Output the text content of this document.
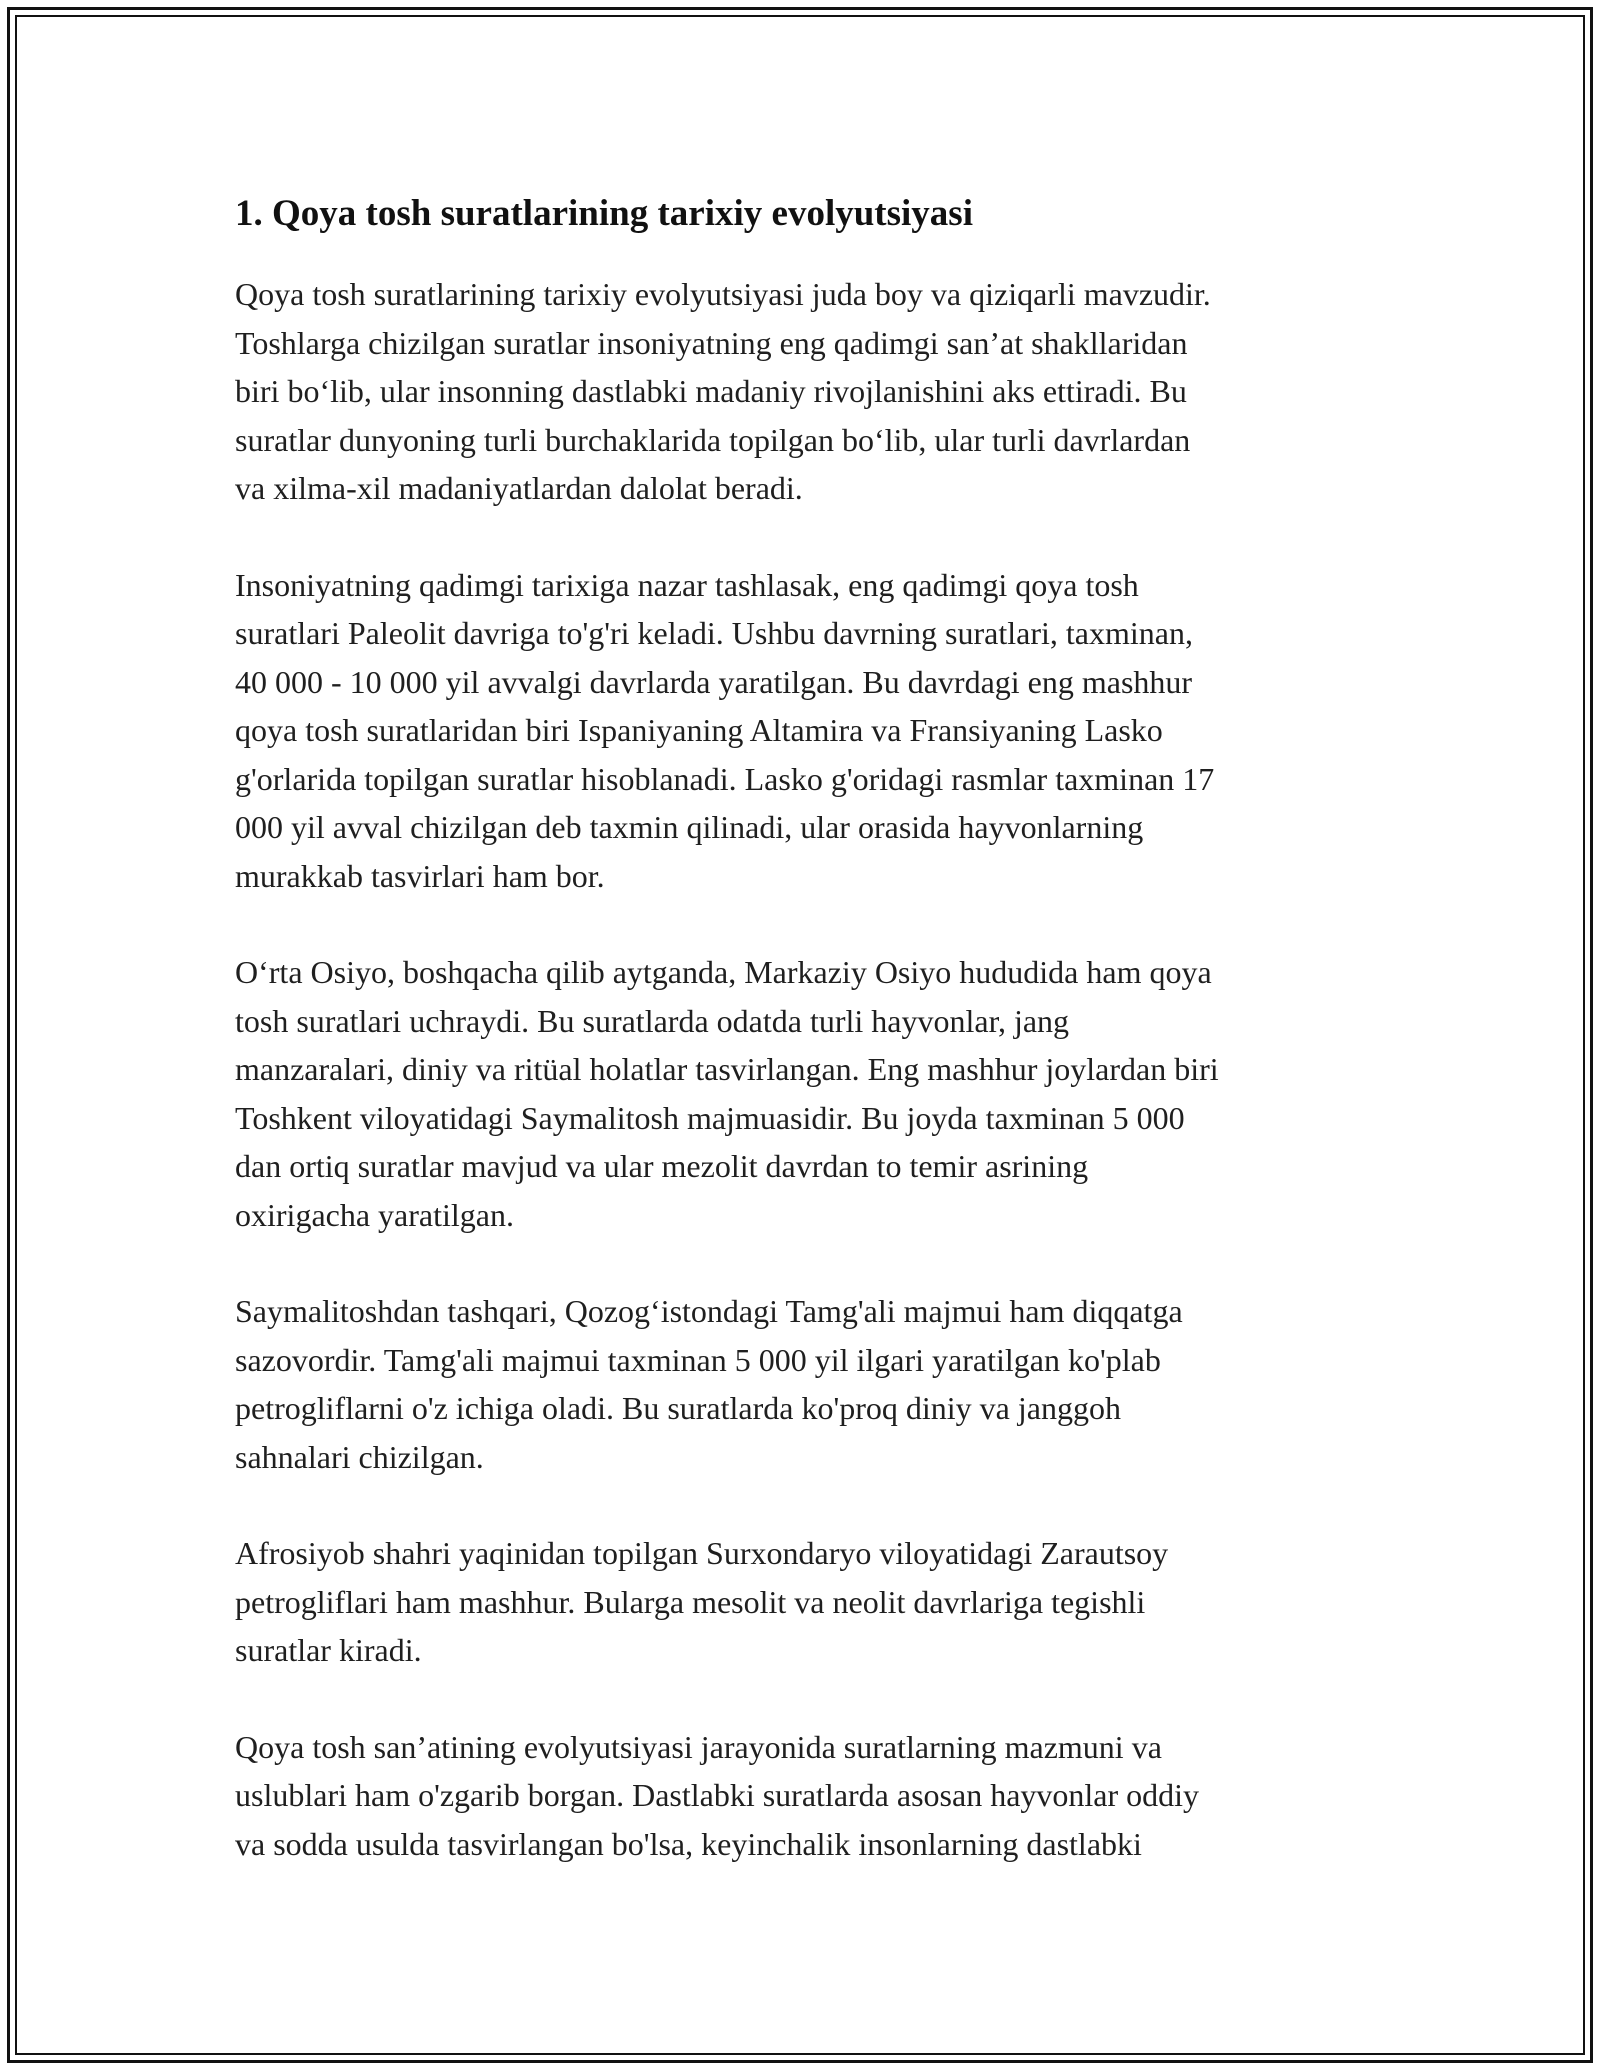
1. Qoya tosh suratlarining tarixiy evolyutsiyasi

Qoya tosh suratlarining tarixiy evolyutsiyasi juda boy va qiziqarli mavzudir.
Toshlarga chizilgan suratlar insoniyatning eng qadimgi san’at shakllaridan
biri bo‘lib, ular insonning dastlabki madaniy rivojlanishini aks ettiradi. Bu
suratlar dunyoning turli burchaklarida topilgan bo‘lib, ular turli davrlardan
va xilma-xil madaniyatlardan dalolat beradi.

Insoniyatning qadimgi tarixiga nazar tashlasak, eng qadimgi qoya tosh
suratlari Paleolit davriga to'g'ri keladi. Ushbu davrning suratlari, taxminan,
40 000 - 10 000 yil avvalgi davrlarda yaratilgan. Bu davrdagi eng mashhur
qoya tosh suratlaridan biri Ispaniyaning Altamira va Fransiyaning Lasko
g'orlarida topilgan suratlar hisoblanadi. Lasko g'oridagi rasmlar taxminan 17
000 yil avval chizilgan deb taxmin qilinadi, ular orasida hayvonlarning
murakkab tasvirlari ham bor.

O‘rta Osiyo, boshqacha qilib aytganda, Markaziy Osiyo hududida ham qoya
tosh suratlari uchraydi. Bu suratlarda odatda turli hayvonlar, jang
manzaralari, diniy va ritüal holatlar tasvirlangan. Eng mashhur joylardan biri
Toshkent viloyatidagi Saymalitosh majmuasidir. Bu joyda taxminan 5 000
dan ortiq suratlar mavjud va ular mezolit davrdan to temir asrining
oxirigacha yaratilgan.

Saymalitoshdan tashqari, Qozog‘istondagi Tamg'ali majmui ham diqqatga
sazovordir. Tamg'ali majmui taxminan 5 000 yil ilgari yaratilgan ko'plab
petrogliflarni o'z ichiga oladi. Bu suratlarda ko'proq diniy va janggoh
sahnalari chizilgan.

Afrosiyob shahri yaqinidan topilgan Surxondaryo viloyatidagi Zarautsoy
petrogliflari ham mashhur. Bularga mesolit va neolit davrlariga tegishli
suratlar kiradi.

Qoya tosh san’atining evolyutsiyasi jarayonida suratlarning mazmuni va
uslublari ham o'zgarib borgan. Dastlabki suratlarda asosan hayvonlar oddiy
va sodda usulda tasvirlangan bo'lsa, keyinchalik insonlarning dastlabki
